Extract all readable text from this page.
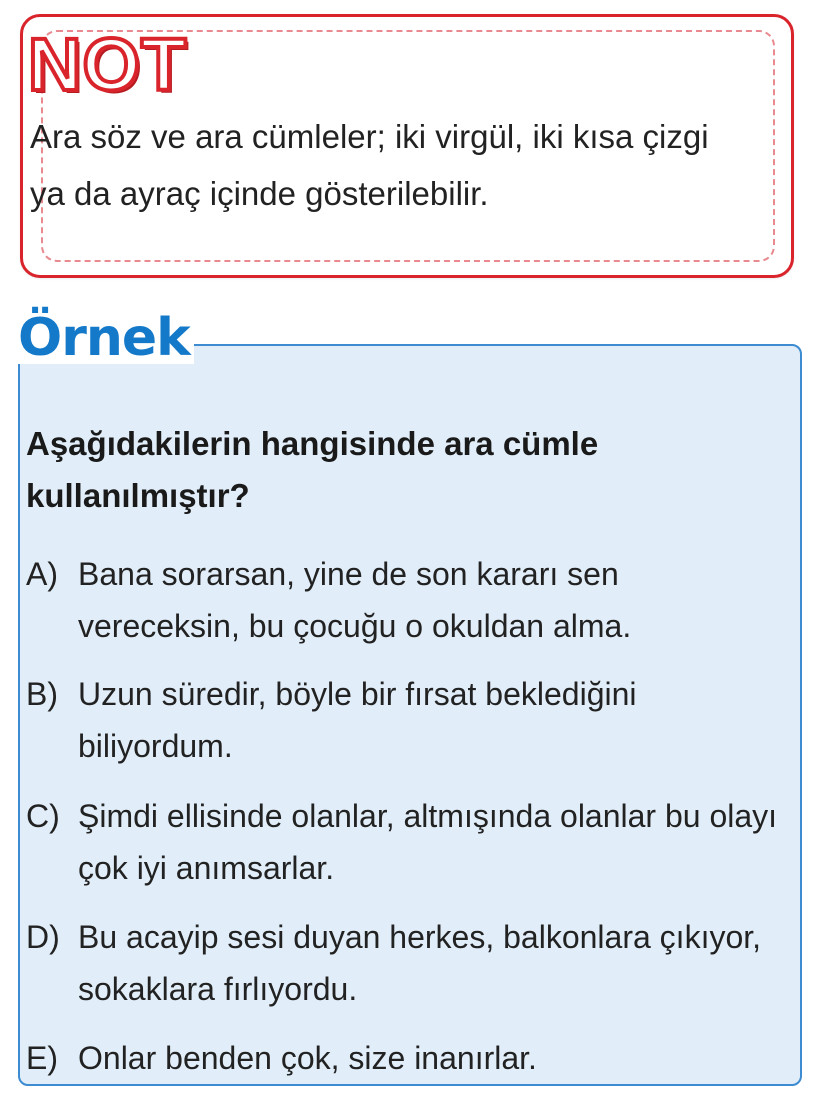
NOT

Ara söz ve ara cümleler; iki virgül, iki kısa çizgi ya da ayraç içinde gösterilebilir.

Örnek

Aşağıdakilerin hangisinde ara cümle kullanılmıştır?

A) Bana sorarsan, yine de son kararı sen vereceksin, bu çocuğu o okuldan alma.
B) Uzun süredir, böyle bir fırsat beklediğini biliyordum.
C) Şimdi ellisinde olanlar, altmışında olanlar bu olayı çok iyi anımsarlar.
D) Bu acayip sesi duyan herkes, balkonlara çıkıyor, sokaklara fırlıyordu.
E) Onlar benden çok, size inanırlar.
